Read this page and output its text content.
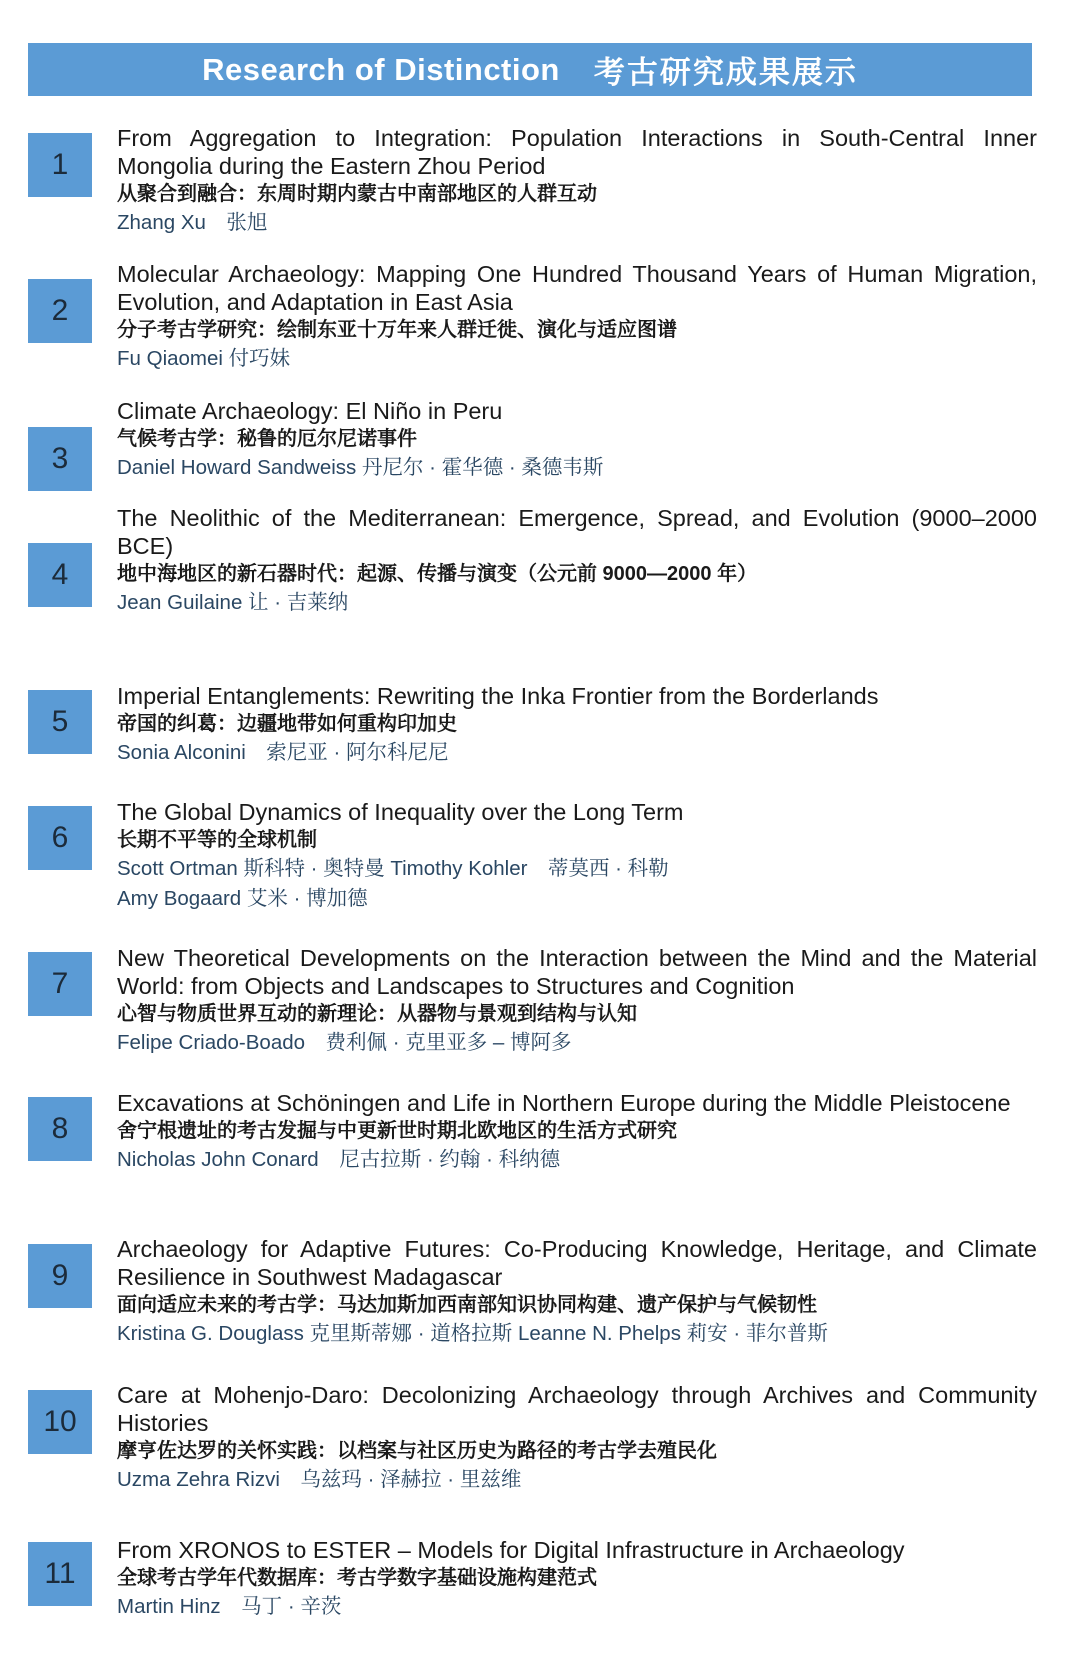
Research of Distinction 考古研究成果展示
1

From Aggregation to Integration: Population Interactions in South-Central Inner Mongolia during the Eastern Zhou Period

从聚合到融合：东周时期内蒙古中南部地区的人群互动

Zhang Xu　张旭

2

Molecular Archaeology: Mapping One Hundred Thousand Years of Human Migration, Evolution, and Adaptation in East Asia

分子考古学研究：绘制东亚十万年来人群迁徙、演化与适应图谱

Fu Qiaomei 付巧妹

3

Climate Archaeology: El Niño in Peru

气候考古学：秘鲁的厄尔尼诺事件

Daniel Howard Sandweiss 丹尼尔 · 霍华德 · 桑德韦斯

4

The Neolithic of the Mediterranean: Emergence, Spread, and Evolution (9000–2000 BCE)

地中海地区的新石器时代：起源、传播与演变（公元前 9000—2000 年）

Jean Guilaine 让 · 吉莱纳

5

Imperial Entanglements: Rewriting the Inka Frontier from the Borderlands

帝国的纠葛：边疆地带如何重构印加史

Sonia Alconini　索尼亚 · 阿尔科尼尼

6

The Global Dynamics of Inequality over the Long Term

长期不平等的全球机制

Scott Ortman 斯科特 · 奥特曼 Timothy Kohler　蒂莫西 · 科勒

Amy Bogaard 艾米 · 博加德

7

New Theoretical Developments on the Interaction between the Mind and the Material World: from Objects and Landscapes to Structures and Cognition

心智与物质世界互动的新理论：从器物与景观到结构与认知

Felipe Criado-Boado　费利佩 · 克里亚多 – 博阿多

8

Excavations at Schöningen and Life in Northern Europe during the Middle Pleistocene

舍宁根遗址的考古发掘与中更新世时期北欧地区的生活方式研究

Nicholas John Conard　尼古拉斯 · 约翰 · 科纳德

9

Archaeology for Adaptive Futures: Co-Producing Knowledge, Heritage, and Climate Resilience in Southwest Madagascar

面向适应未来的考古学：马达加斯加西南部知识协同构建、遗产保护与气候韧性

Kristina G. Douglass 克里斯蒂娜 · 道格拉斯 Leanne N. Phelps 莉安 · 菲尔普斯

10

Care at Mohenjo-Daro: Decolonizing Archaeology through Archives and Community Histories

摩亨佐达罗的关怀实践：以档案与社区历史为路径的考古学去殖民化

Uzma Zehra Rizvi　乌兹玛 · 泽赫拉 · 里兹维

11

From XRONOS to ESTER – Models for Digital Infrastructure in Archaeology

全球考古学年代数据库：考古学数字基础设施构建范式

Martin Hinz　马丁 · 辛茨
